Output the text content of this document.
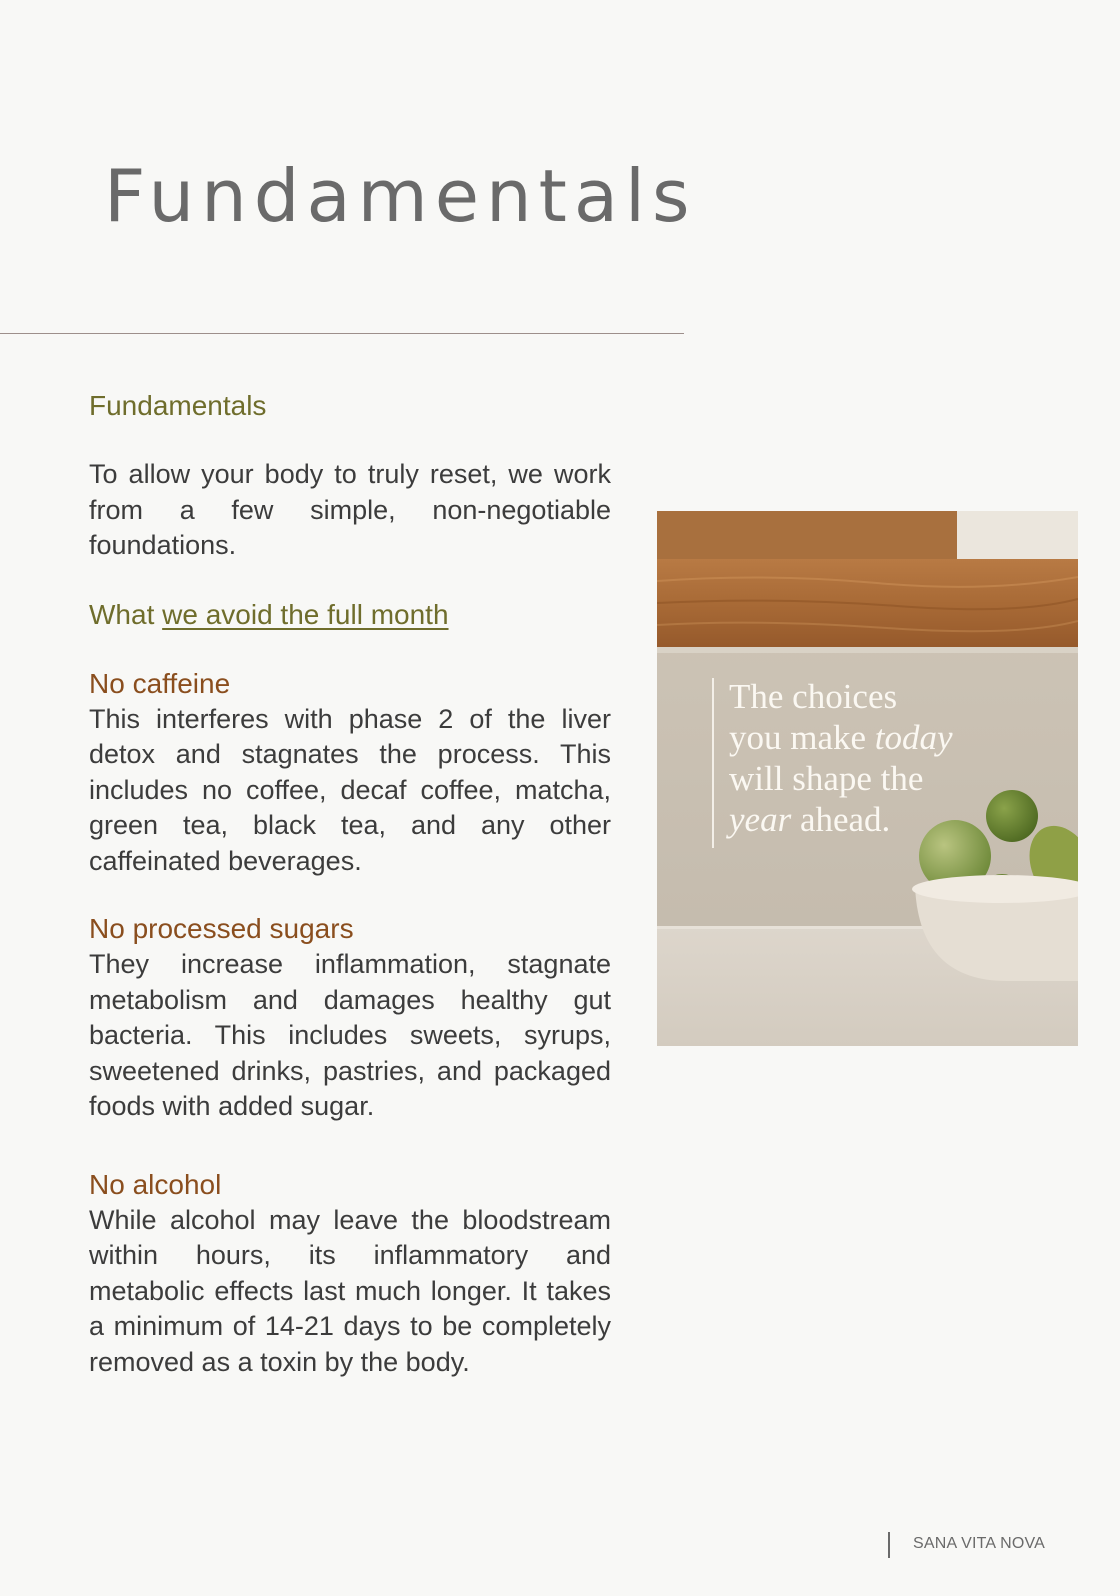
Fundamentals
Fundamentals

To allow your body to truly reset, we work from a few simple, non-negotiable foundations.

What we avoid the full month

No caffeine

This interferes with phase 2 of the liver detox and stagnates the process. This includes no coffee, decaf coffee, matcha, green tea, black tea, and any other caffeinated beverages.

No processed sugars

They increase inflammation, stagnate metabolism and damages healthy gut bacteria. This includes sweets, syrups, sweetened drinks, pastries, and packaged foods with added sugar.

No alcohol

While alcohol may leave the bloodstream within hours, its inflammatory and metabolic effects last much longer. It takes a minimum of 14-21 days to be completely removed as a toxin by the body.

The choices
you make today
will shape the
year ahead.

SANA VITA NOVA
